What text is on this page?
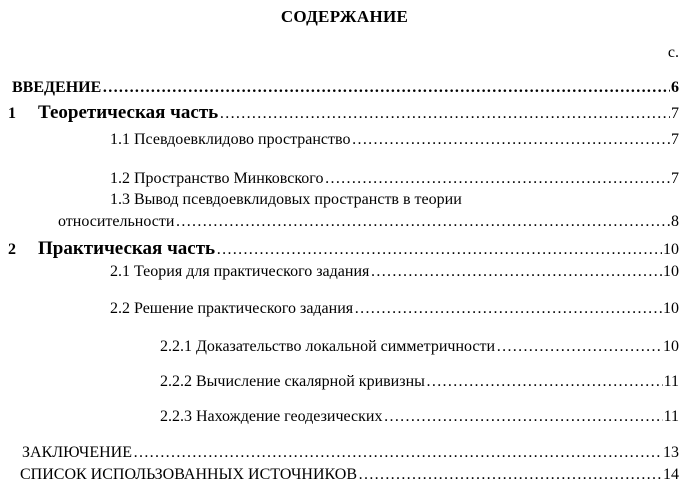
СОДЕРЖАНИЕ
с.
ВВЕДЕНИЕ ……………………………………………………………………………………………………………………………………………………	6
1	Теоретическая часть ……………………………………………………………………………………………………………………………………………………	7
1.1 Псевдоевклидово пространство ……………………………………………………………………………………………………………………………………………………	7
1.2 Пространство Минковского ……………………………………………………………………………………………………………………………………………………	7
1.3 Вывод псевдоевклидовых пространств в теории
относительности ……………………………………………………………………………………………………………………………………………………	8
2	Практическая часть ……………………………………………………………………………………………………………………………………………………	10
2.1 Теория для практического задания ……………………………………………………………………………………………………………………………………………………	10
2.2 Решение практического задания ……………………………………………………………………………………………………………………………………………………	10
2.2.1 Доказательство локальной симметричности ……………………………………………………………………………………………………………………………………………………	10
2.2.2 Вычисление скалярной кривизны ……………………………………………………………………………………………………………………………………………………	11
2.2.3 Нахождение геодезических ……………………………………………………………………………………………………………………………………………………	11
ЗАКЛЮЧЕНИЕ ……………………………………………………………………………………………………………………………………………………	13
СПИСОК ИСПОЛЬЗОВАННЫХ ИСТОЧНИКОВ ……………………………………………………………………………………………………………………………………………………	14
